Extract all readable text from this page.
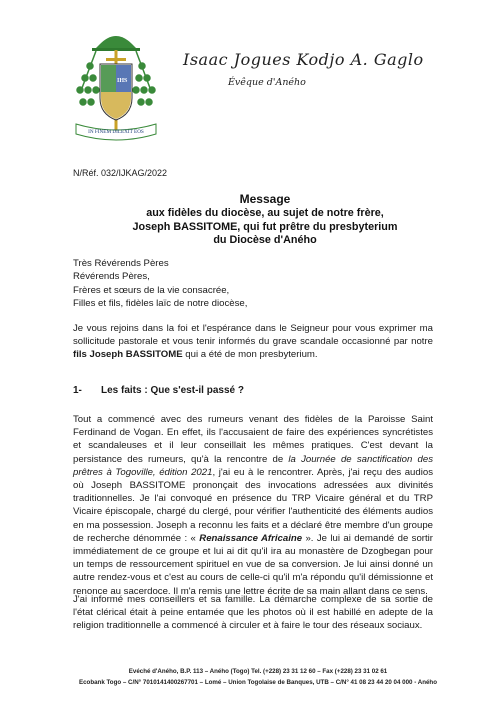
IHS
IN FINEM DILEXIT EOS
Isaac Jogues Kodjo A. Gaglo
Évêque d'Aného
N/Réf. 032/IJKAG/2022
Message
aux fidèles du diocèse, au sujet de notre frère,
Joseph BASSITOME, qui fut prêtre du presbyterium
du Diocèse d'Aného
Très Révérends Pères
Révérends Pères,
Frères et sœurs de la vie consacrée,
Filles et fils, fidèles laïc de notre diocèse,
Je vous rejoins dans la foi et l'espérance dans le Seigneur pour vous exprimer ma sollicitude pastorale et vous tenir informés du grave scandale occasionné par notre fils Joseph BASSITOME qui a été de mon presbyterium.
1- Les faits : Que s'est-il passé ?
Tout a commencé avec des rumeurs venant des fidèles de la Paroisse Saint Ferdinand de Vogan. En effet, ils l'accusaient de faire des expériences syncrétistes et scandaleuses et il leur conseillait les mêmes pratiques. C'est devant la persistance des rumeurs, qu'à la rencontre de la Journée de sanctification des prêtres à Togoville, édition 2021, j'ai eu à le rencontrer. Après, j'ai reçu des audios où Joseph BASSITOME prononçait des invocations adressées aux divinités traditionnelles. Je l'ai convoqué en présence du TRP Vicaire général et du TRP Vicaire épiscopale, chargé du clergé, pour vérifier l'authenticité des éléments audios en ma possession. Joseph a reconnu les faits et a déclaré être membre d'un groupe de recherche dénommée : « Renaissance Africaine ». Je lui ai demandé de sortir immédiatement de ce groupe et lui ai dit qu'il ira au monastère de Dzogbegan pour un temps de ressourcement spirituel en vue de sa conversion. Je lui ainsi donné un autre rendez-vous et c'est au cours de celle-ci qu'il m'a répondu qu'il démissionne et renonce au sacerdoce. Il m'a remis une lettre écrite de sa main allant dans ce sens.
J'ai informé mes conseillers et sa famille. La démarche complexe de sa sortie de l'état clérical était à peine entamée que les photos où il est habillé en adepte de la religion traditionnelle a commencé à circuler et à faire le tour des réseaux sociaux.
Evéché d'Aného, B.P. 113 – Aného (Togo) Tel. (+228) 23 31 12 60 – Fax (+228) 23 31 02 61
Ecobank Togo – C/N° 7010141400267701 – Lomé – Union Togolaise de Banques, UTB – C/N° 41 08 23 44 20 04 000 - Aného
